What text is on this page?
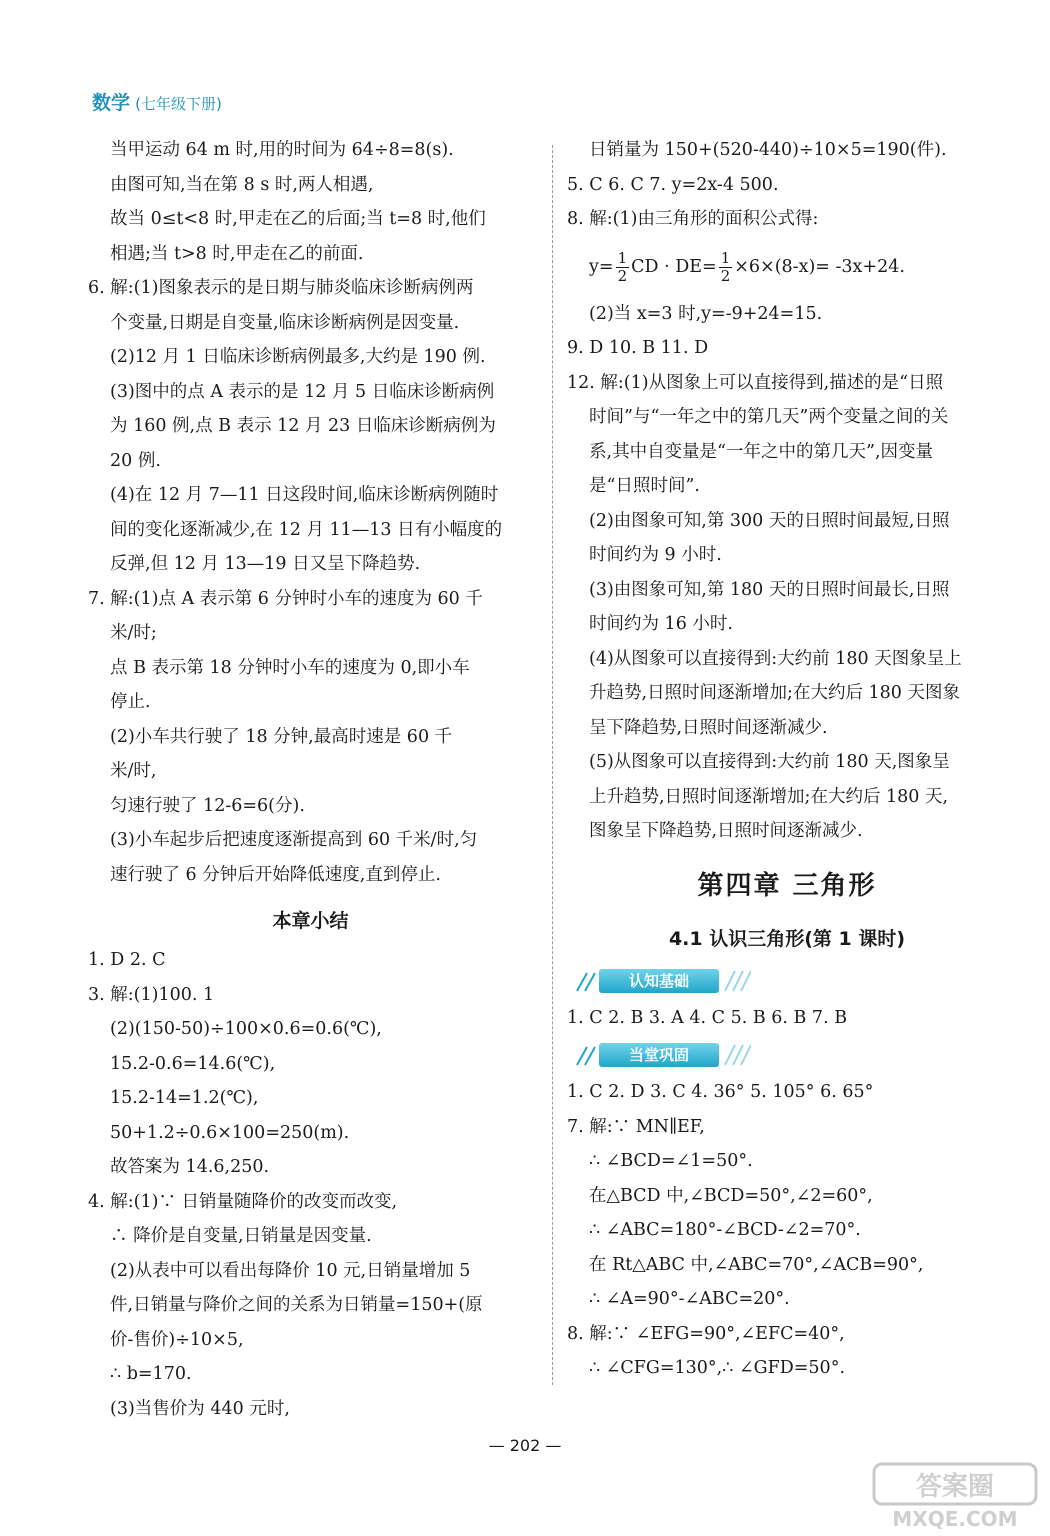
数学 (七年级下册)
当甲运动 64 m 时,用的时间为 64÷8=8(s).
由图可知,当在第 8 s 时,两人相遇,
故当 0≤t<8 时,甲走在乙的后面;当 t=8 时,他们
相遇;当 t>8 时,甲走在乙的前面.
6. 解:(1)图象表示的是日期与肺炎临床诊断病例两
个变量,日期是自变量,临床诊断病例是因变量.
(2)12 月 1 日临床诊断病例最多,大约是 190 例.
(3)图中的点 A 表示的是 12 月 5 日临床诊断病例
为 160 例,点 B 表示 12 月 23 日临床诊断病例为
20 例.
(4)在 12 月 7—11 日这段时间,临床诊断病例随时
间的变化逐渐减少,在 12 月 11—13 日有小幅度的
反弹,但 12 月 13—19 日又呈下降趋势.
7. 解:(1)点 A 表示第 6 分钟时小车的速度为 60 千
米/时;
点 B 表示第 18 分钟时小车的速度为 0,即小车
停止.
(2)小车共行驶了 18 分钟,最高时速是 60 千
米/时,
匀速行驶了 12-6=6(分).
(3)小车起步后把速度逐渐提高到 60 千米/时,匀
速行驶了 6 分钟后开始降低速度,直到停止.
本章小结
1. D 2. C
3. 解:(1)100. 1
(2)(150-50)÷100×0.6=0.6(℃),
15.2-0.6=14.6(℃),
15.2-14=1.2(℃),
50+1.2÷0.6×100=250(m).
故答案为 14.6,250.
4. 解:(1)∵ 日销量随降价的改变而改变,
∴ 降价是自变量,日销量是因变量.
(2)从表中可以看出每降价 10 元,日销量增加 5
件,日销量与降价之间的关系为日销量=150+(原
价-售价)÷10×5,
∴ b=170.
(3)当售价为 440 元时,
日销量为 150+(520-440)÷10×5=190(件).
5. C 6. C 7. y=2x-4 500.
8. 解:(1)由三角形的面积公式得:
$y= \frac{1}{2}$ CD · $DE= \frac{1}{2} \times 6\times(8-x)= -3x+24$.
(2)当 x=3 时,y=-9+24=15.
9. D 10. B 11. D
12. 解:(1)从图象上可以直接得到,描述的是“日照
时间”与“一年之中的第几天”两个变量之间的关
系,其中自变量是“一年之中的第几天”,因变量
是“日照时间”.
(2)由图象可知,第 300 天的日照时间最短,日照
时间约为 9 小时.
(3)由图象可知,第 180 天的日照时间最长,日照
时间约为 16 小时.
(4)从图象可以直接得到:大约前 180 天图象呈上
升趋势,日照时间逐渐增加;在大约后 180 天图象
呈下降趋势,日照时间逐渐减少.
(5)从图象可以直接得到:大约前 180 天,图象呈
上升趋势,日照时间逐渐增加;在大约后 180 天,
图象呈下降趋势,日照时间逐渐减少.
第四章 三角形
4.1 认识三角形(第 1 课时)
认知基础
1. C 2. B 3. A 4. C 5. B 6. B 7. B
当堂巩固
1. C 2. D 3. C 4. 36° 5. 105° 6. 65°
7. 解:∵ MN∥EF,
∴ ∠BCD=∠1=50°.
在△BCD 中,∠BCD=50°,∠2=60°,
∴ ∠ABC=180°-∠BCD-∠2=70°.
在 Rt△ABC 中,∠ABC=70°,∠ACB=90°,
∴ ∠A=90°-∠ABC=20°.
8. 解:∵ ∠EFG=90°,∠EFC=40°,
∴ ∠CFG=130°,∴ ∠GFD=50°.
— 202 —
答案圈
MXQE.COM
